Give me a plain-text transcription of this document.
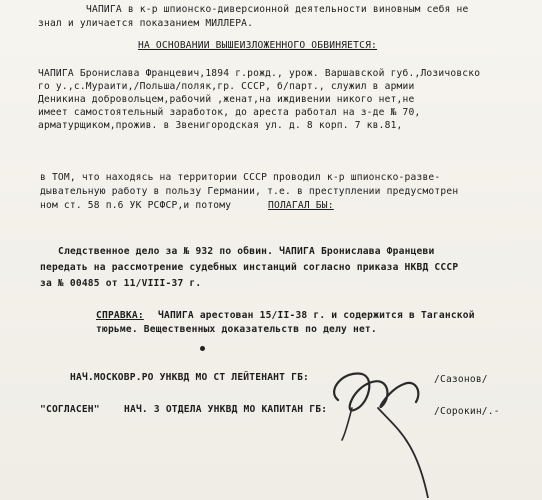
ЧАПИГА в к-р шпионско-диверсионной деятельности виновным себя не
знал и уличается показанием МИЛЛЕРА.
НА ОСНОВАНИИ ВЫШЕИЗЛОЖЕННОГО ОБВИНЯЕТСЯ:
ЧАПИГА Брониславa Францевич,1894 г.рожд., урож. Варшавской губ.,Лозичовско
го у.,с.Мураити,/Польша/поляк,гр. СССР, б/парт., служил в армии
Деникина добровольцем,рабочий ,женат,на иждивении никого нет,не
имеет самостоятельный заработок, до ареста работал на з-де № 70,
арматурщиком,прожив. в Звенигородская ул. д. 8 корп. 7 кв.81,
в ТОМ, что находясь на территории СССР проводил к-р шпионско-разве-
дывательную работу в пользу Германии, т.е. в преступлении предусмотрен
ном ст. 58 п.6 УК РСФСР,и потому	ПОЛАГАЛ БЫ:
Следственное дело за № 932 по обвин. ЧАПИГА Бронислава Францеви
передать на рассмотрение судебных инстанций согласно приказа НКВД СССР
за № 00485 от 11/VIII-37 г.
СПРАВКА: ЧАПИГА арестован 15/II-38 г. и содержится в Таганской
тюрьме. Вещественных доказательств по делу нет.
НАЧ.МОСКОВР.РО УНКВД МО СТ ЛЕЙТЕНАНТ ГБ:	/Сазонов/
"СОГЛАСЕН"	НАЧ. 3 ОТДЕЛА УНКВД МО КАПИТАН ГБ:	/Сорокин/.-
